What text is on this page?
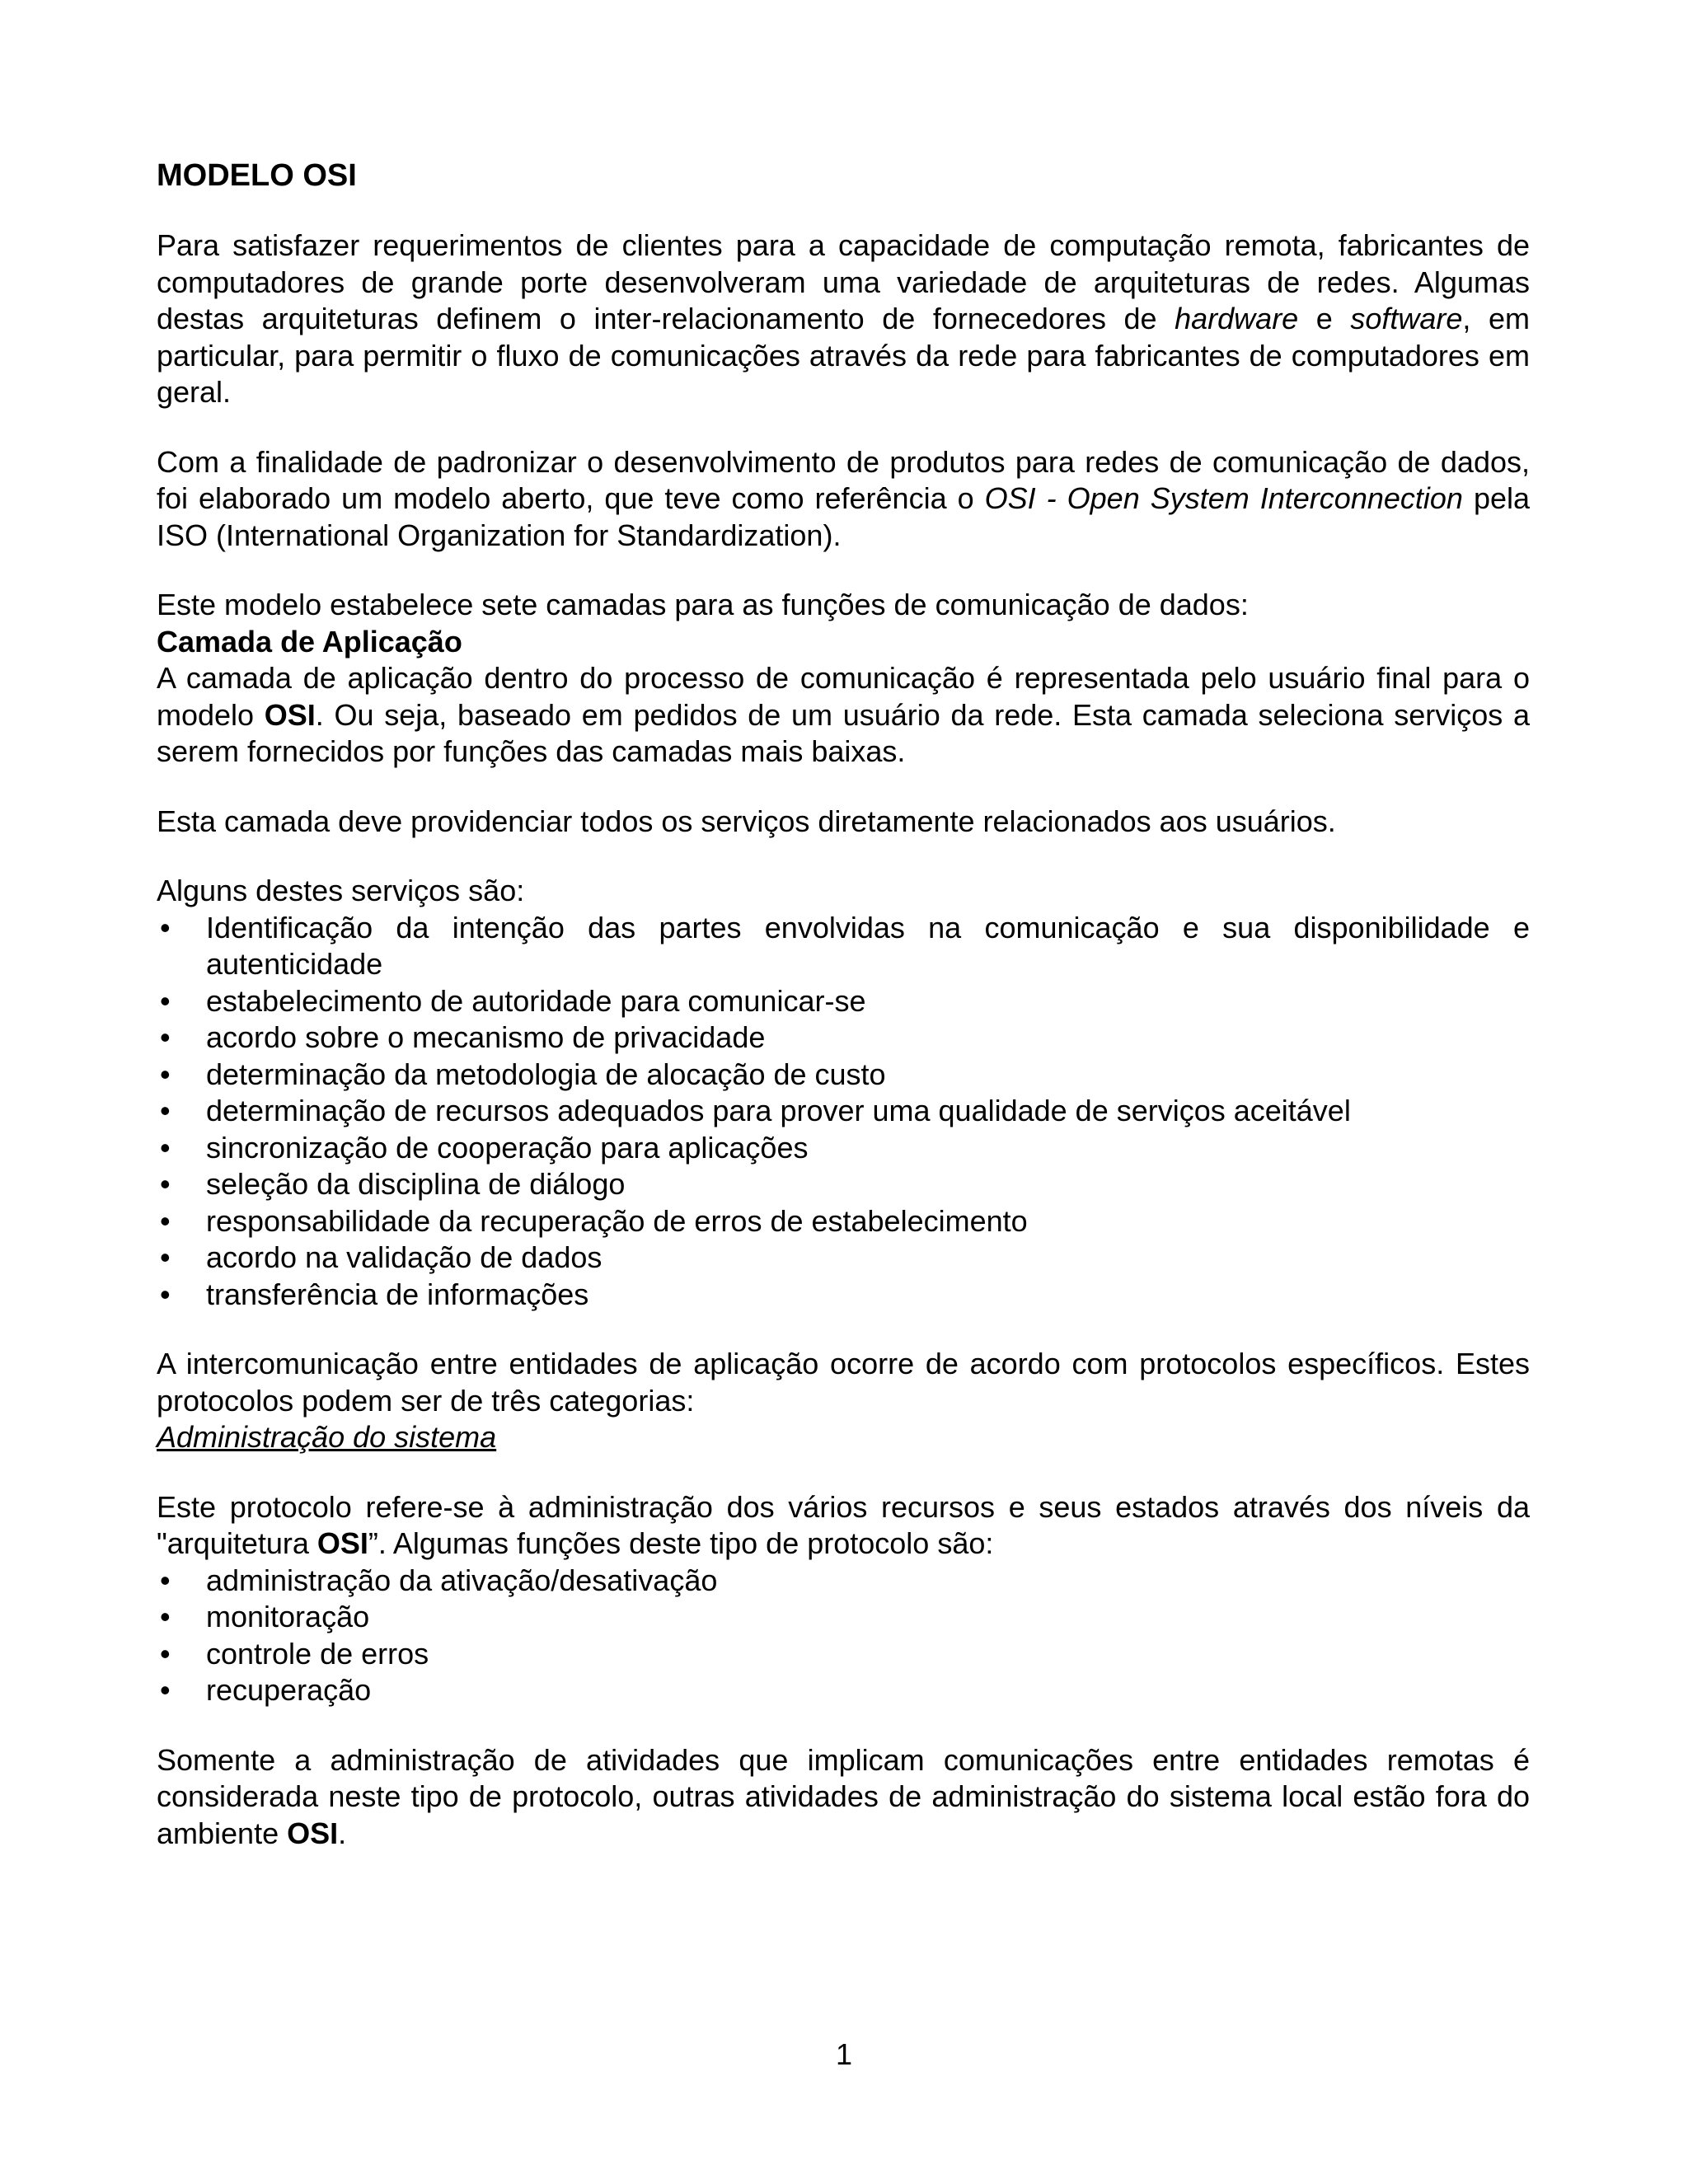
MODELO OSI

Para satisfazer requerimentos de clientes para a capacidade de computação remota, fabricantes de computadores de grande porte desenvolveram uma variedade de arquiteturas de redes. Algumas destas arquiteturas definem o inter-relacionamento de fornecedores de hardware e software, em particular, para permitir o fluxo de comunicações através da rede para fabricantes de computadores em geral.

Com a finalidade de padronizar o desenvolvimento de produtos para redes de comunicação de dados, foi elaborado um modelo aberto, que teve como referência o OSI - Open System Interconnection pela ISO (International Organization for Standardization).

Este modelo estabelece sete camadas para as funções de comunicação de dados:

Camada de Aplicação

A camada de aplicação dentro do processo de comunicação é representada pelo usuário final para o modelo OSI. Ou seja, baseado em pedidos de um usuário da rede. Esta camada seleciona serviços a serem fornecidos por funções das camadas mais baixas.

Esta camada deve providenciar todos os serviços diretamente relacionados aos usuários.

Alguns destes serviços são:

• Identificação da intenção das partes envolvidas na comunicação e sua disponibilidade e autenticidade
• estabelecimento de autoridade para comunicar-se
• acordo sobre o mecanismo de privacidade
• determinação da metodologia de alocação de custo
• determinação de recursos adequados para prover uma qualidade de serviços aceitável
• sincronização de cooperação para aplicações
• seleção da disciplina de diálogo
• responsabilidade da recuperação de erros de estabelecimento
• acordo na validação de dados
• transferência de informações

A intercomunicação entre entidades de aplicação ocorre de acordo com protocolos específicos. Estes protocolos podem ser de três categorias:

Administração do sistema

Este protocolo refere-se à administração dos vários recursos e seus estados através dos níveis da "arquitetura OSI”. Algumas funções deste tipo de protocolo são:

• administração da ativação/desativação
• monitoração
• controle de erros
• recuperação

Somente a administração de atividades que implicam comunicações entre entidades remotas é considerada neste tipo de protocolo, outras atividades de administração do sistema local estão fora do ambiente OSI.

1
